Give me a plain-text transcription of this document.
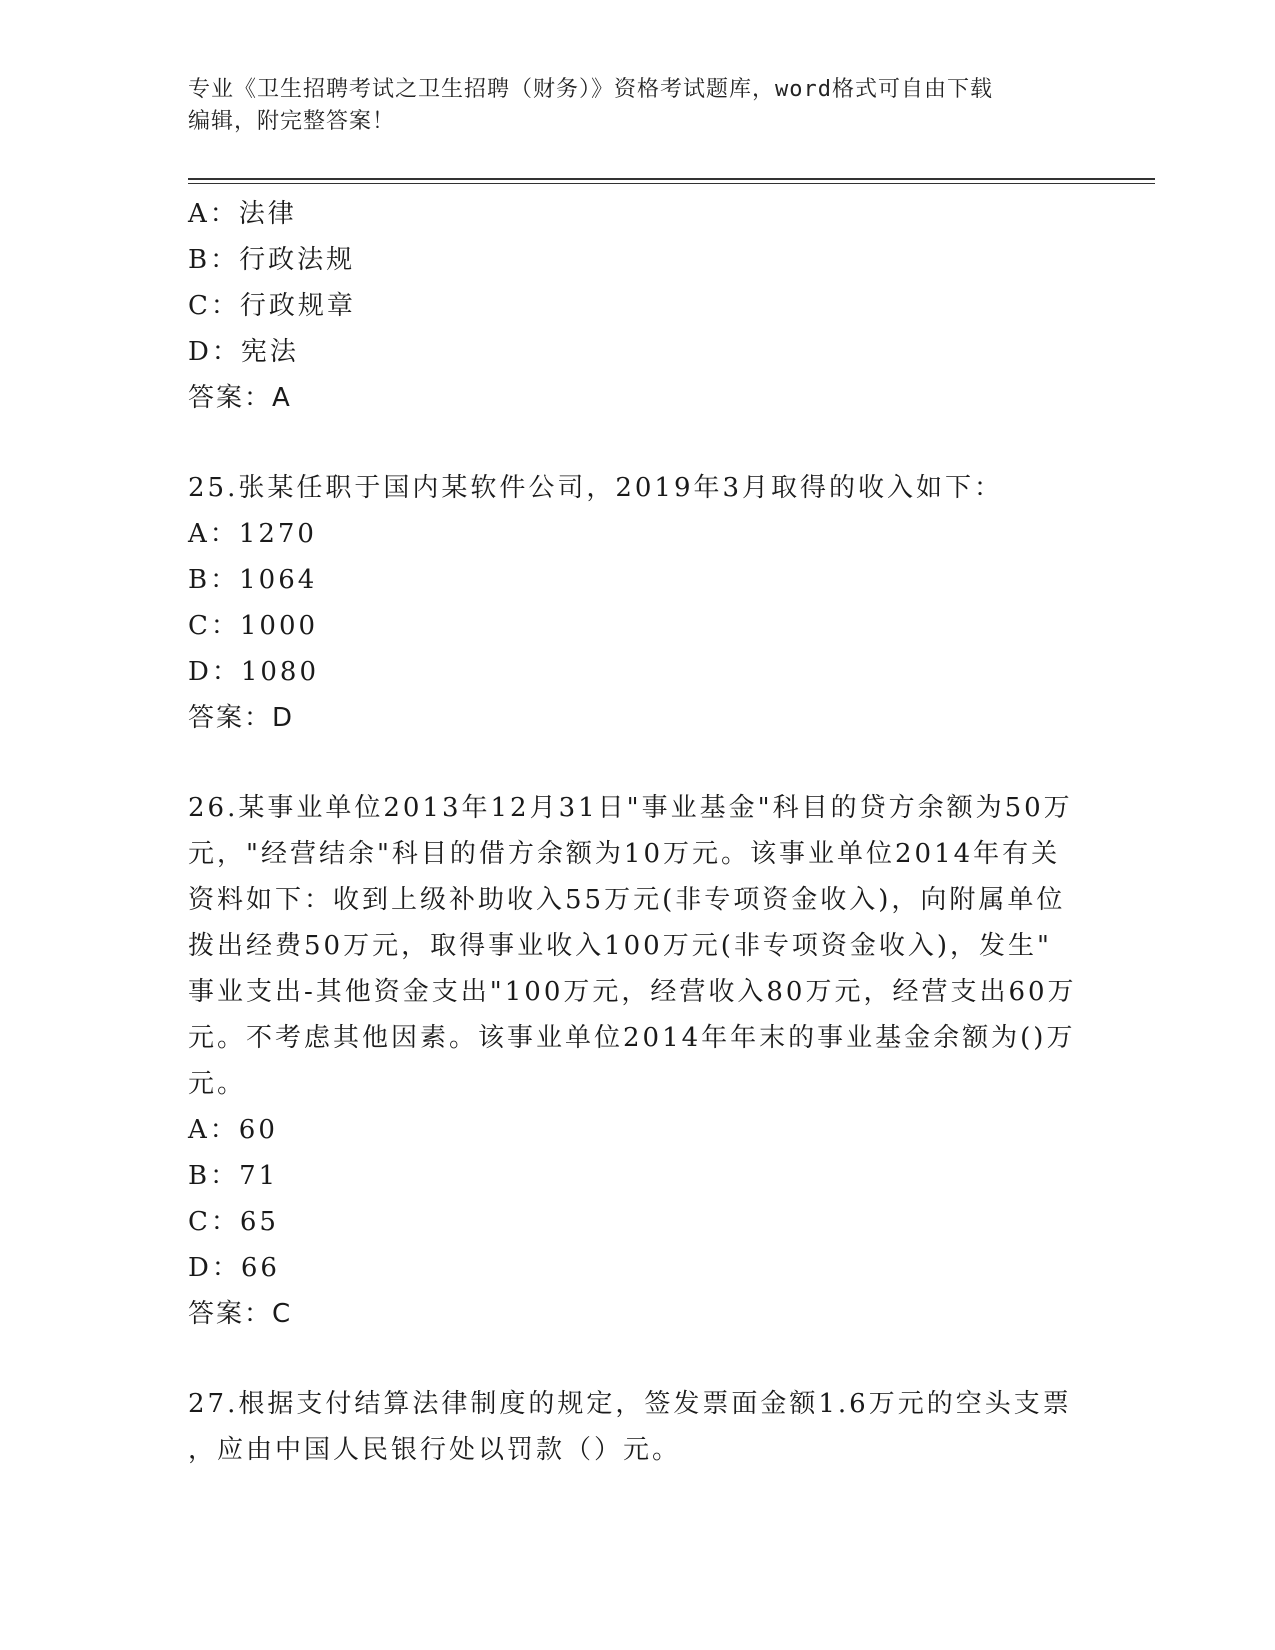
专业《卫生招聘考试之卫生招聘（财务）》资格考试题库，word格式可自由下载
编辑，附完整答案！
A：法律
B：行政法规
C：行政规章
D：宪法
答案：A
25.张某任职于国内某软件公司，2019年3月取得的收入如下：
A：1270
B：1064
C：1000
D：1080
答案：D
26.某事业单位2013年12月31日"事业基金"科目的贷方余额为50万
元，"经营结余"科目的借方余额为10万元。该事业单位2014年有关
资料如下：收到上级补助收入55万元(非专项资金收入)，向附属单位
拨出经费50万元，取得事业收入100万元(非专项资金收入)，发生"
事业支出-其他资金支出"100万元，经营收入80万元，经营支出60万
元。不考虑其他因素。该事业单位2014年年末的事业基金余额为()万
元。
A：60
B：71
C：65
D：66
答案：C
27.根据支付结算法律制度的规定，签发票面金额1.6万元的空头支票
，应由中国人民银行处以罚款（）元。
